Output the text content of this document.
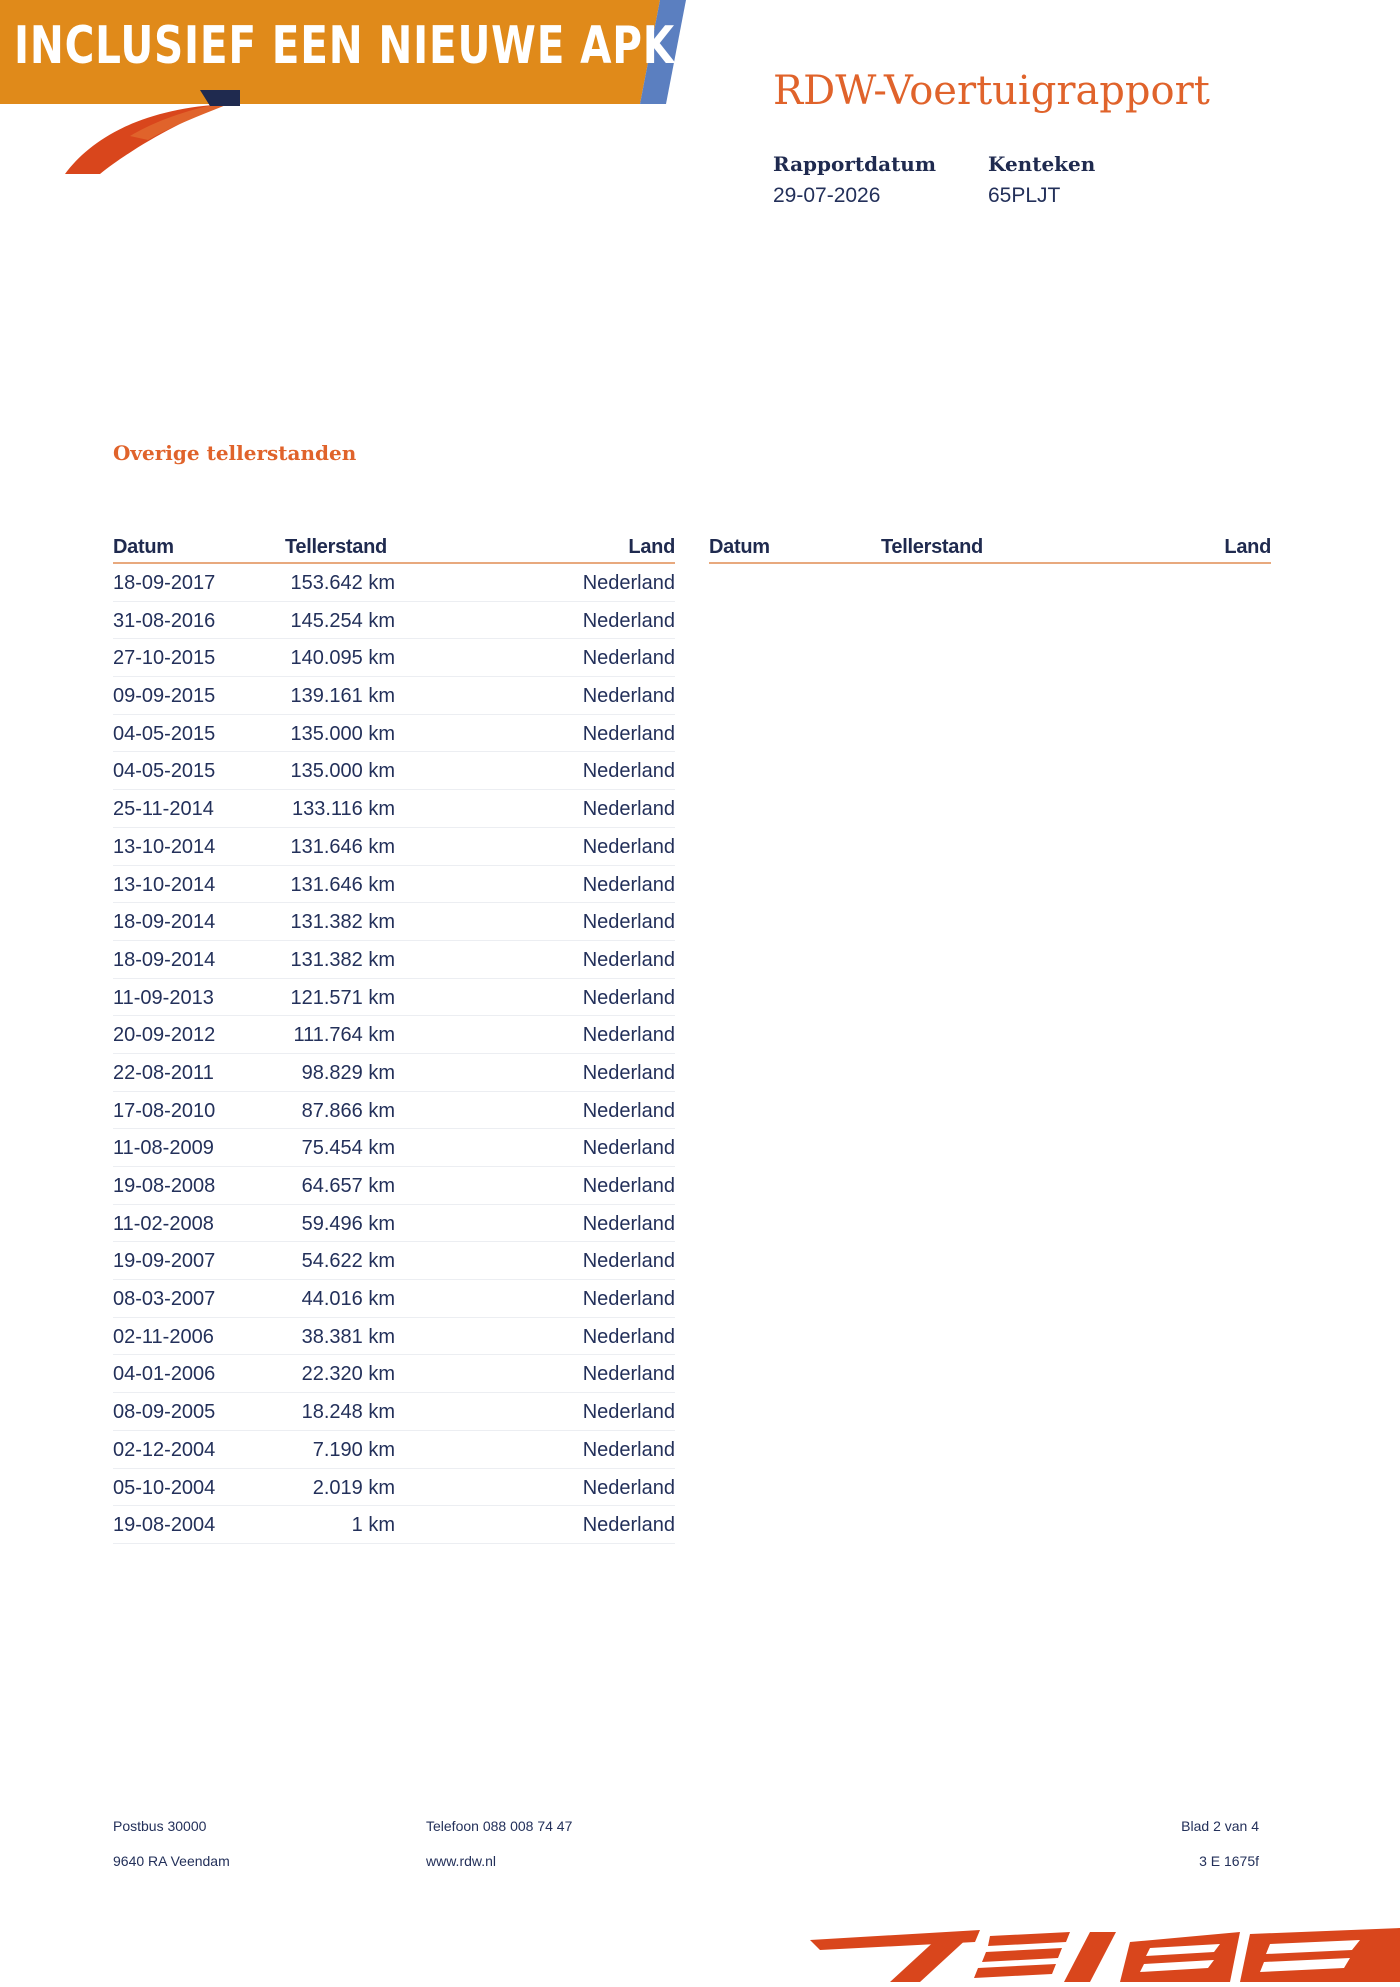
INCLUSIEF EEN NIEUWE APK
RDW-Voertuigrapport
Rapportdatum
29-07-2026
Kenteken
65PLJT
Overige tellerstanden
Datum	Tellerstand	Land
18-09-2017	153.642 km	Nederland
31-08-2016	145.254 km	Nederland
27-10-2015	140.095 km	Nederland
09-09-2015	139.161 km	Nederland
04-05-2015	135.000 km	Nederland
04-05-2015	135.000 km	Nederland
25-11-2014	133.116 km	Nederland
13-10-2014	131.646 km	Nederland
13-10-2014	131.646 km	Nederland
18-09-2014	131.382 km	Nederland
18-09-2014	131.382 km	Nederland
11-09-2013	121.571 km	Nederland
20-09-2012	111.764 km	Nederland
22-08-2011	98.829 km	Nederland
17-08-2010	87.866 km	Nederland
11-08-2009	75.454 km	Nederland
19-08-2008	64.657 km	Nederland
11-02-2008	59.496 km	Nederland
19-09-2007	54.622 km	Nederland
08-03-2007	44.016 km	Nederland
02-11-2006	38.381 km	Nederland
04-01-2006	22.320 km	Nederland
08-09-2005	18.248 km	Nederland
02-12-2004	7.190 km	Nederland
05-10-2004	2.019 km	Nederland
19-08-2004	1 km	Nederland
Datum	Tellerstand	Land
Postbus 30000
9640 RA Veendam
Telefoon 088 008 74 47
www.rdw.nl
Blad 2 van 4
3 E 1675f
